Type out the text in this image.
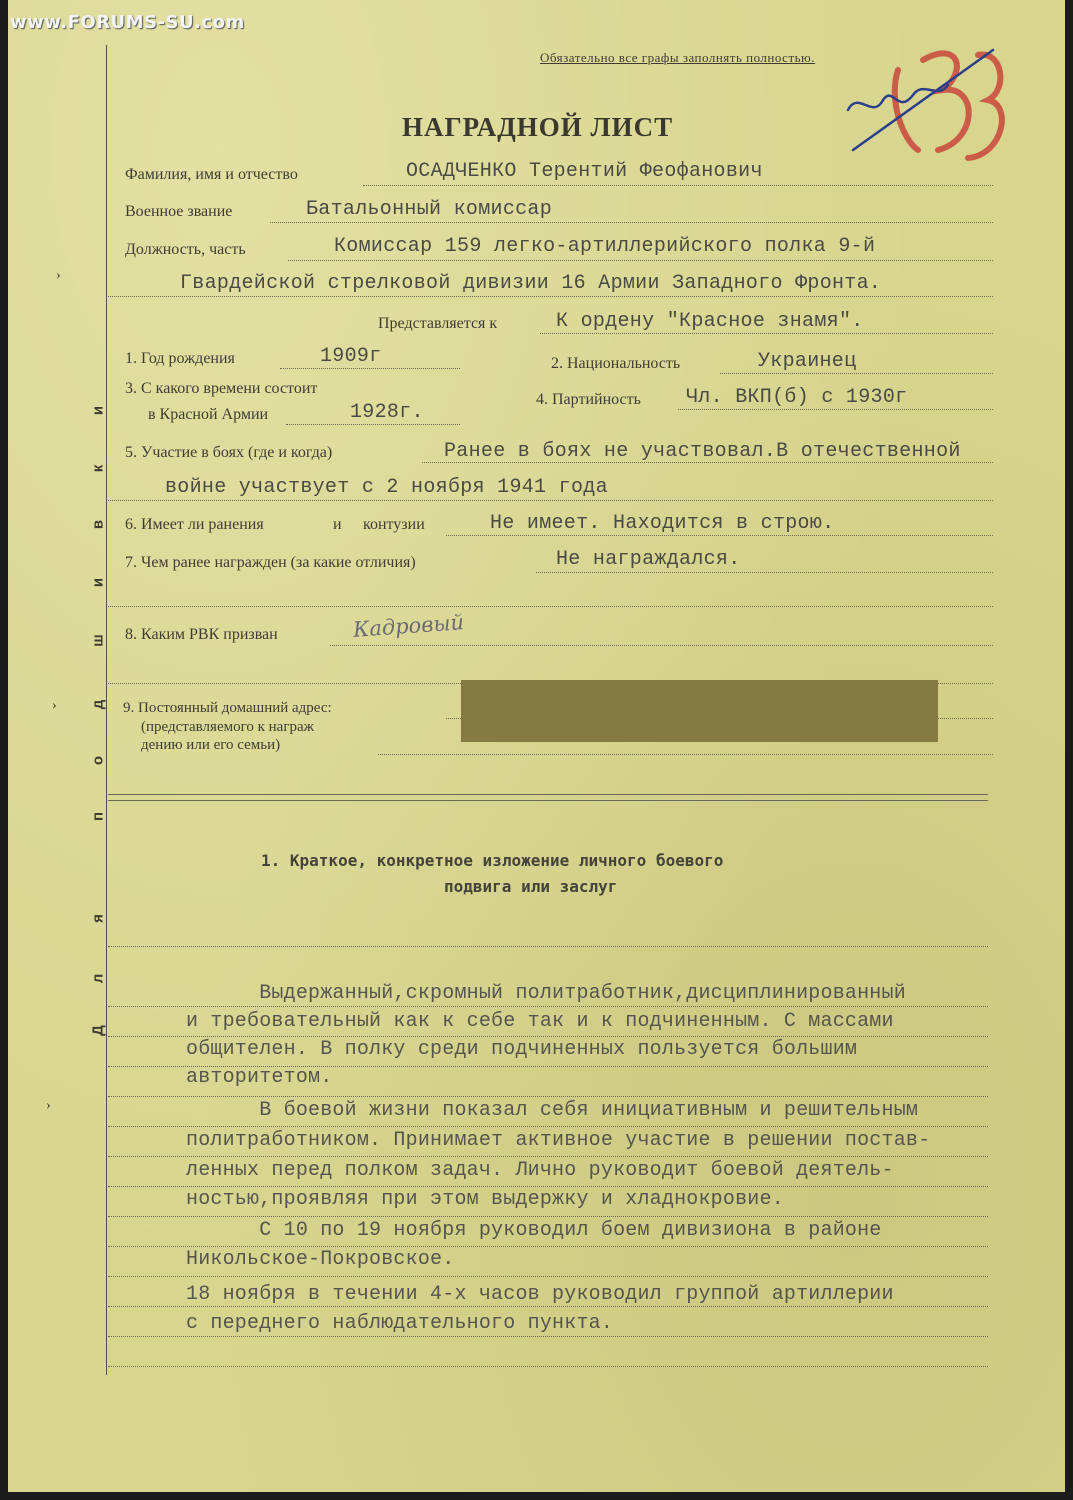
www.FORUMS-SU.com
›
›
›
Д
л
я
п
о
д
ш
и
в
к
и
Обязательно все графы заполнять полностью.
НАГРАДНОЙ ЛИСТ
Фамилия, имя и отчество	ОСАДЧЕНКО Терентий Феофанович
Военное звание	Батальонный комиссар
Должность, часть	Комиссар 159 легко-артиллерийского полка 9-й
Гвардейской стрелковой дивизии 16 Армии Западного Фронта.
Представляется к	К ордену "Красное знамя".
1. Год рождения	1909г	2. Национальность	Украинец
3. С какого времени состоит
в Красной Армии	1928г.
4. Партийность Чл. ВКП(б) с 1930г
5. Участие в боях (где и когда)	Ранее в боях не участвовал.В отечественной
войне участвует с 2 ноября 1941 года
6. Имеет ли ранения	и контузии	Не имеет. Находится в строю.
7. Чем ранее награжден (за какие отличия)	Не награждался.
8. Каким РВК призван	Кадровый
9. Постоянный домашний адрес:
(представляемого к награж
дению или его семьи)
1. Краткое, конкретное изложение личного боевого
подвига или заслуг
Выдержанный,скромный политработник,дисциплинированный
и требовательный как к себе так и к подчиненным. С массами
общителен. В полку среди подчиненных пользуется большим
авторитетом.
В боевой жизни показал себя инициативным и решительным
политработником. Принимает активное участие в решении постав-
ленных перед полком задач. Лично руководит боевой деятель-
ностью,проявляя при этом выдержку и хладнокровие.
С 10 по 19 ноября руководил боем дивизиона в районе
Никольское-Покровское.
18 ноября в течении 4-х часов руководил группой артиллерии
с переднего наблюдательного пункта.
